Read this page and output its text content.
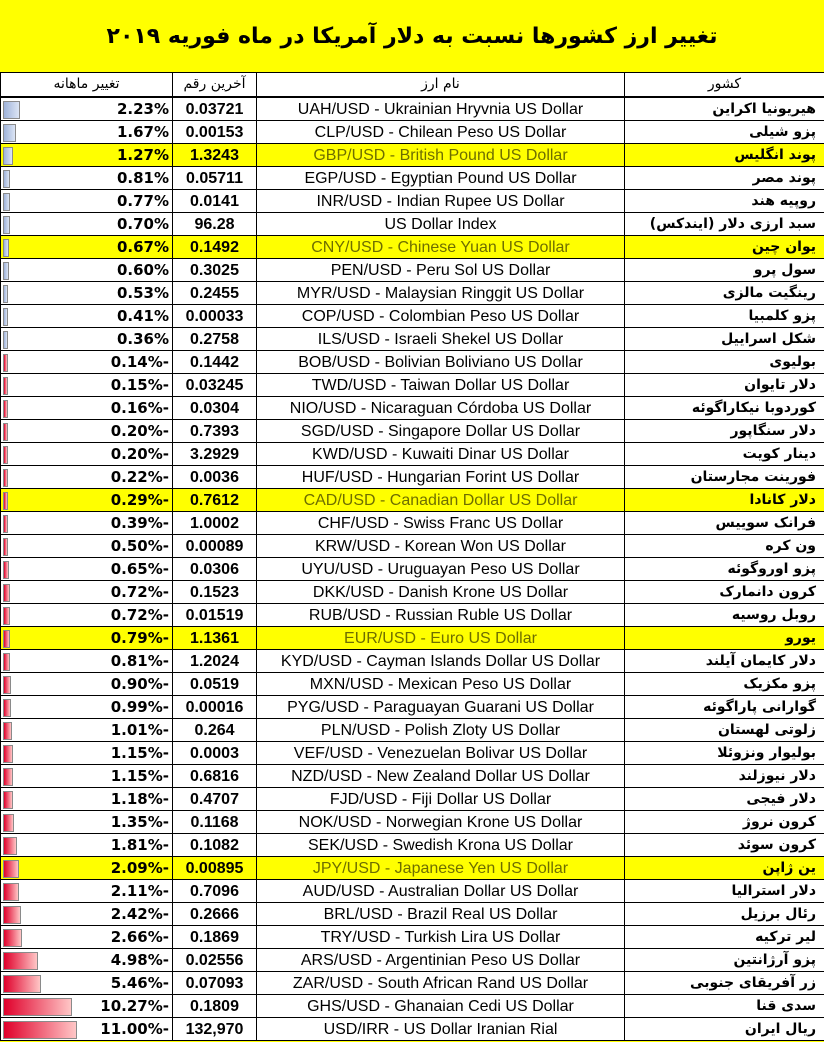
تغییر ارز کشورها نسبت به دلار آمریکا در ماه فوریه ۲۰۱۹
تغییر ماهانه	آخرین رقم	نام ارز	کشور

2.23%	0.03721	UAH/USD - Ukrainian Hryvnia US Dollar	هیریونیا اکراین

1.67%	0.00153	CLP/USD - Chilean Peso US Dollar	پزو شیلی

1.27%	1.3243	GBP/USD - British Pound US Dollar	پوند انگلیس

0.81%	0.05711	EGP/USD - Egyptian Pound US Dollar	پوند مصر

0.77%	0.0141	INR/USD - Indian Rupee US Dollar	روپیه هند

0.70%	96.28	US Dollar Index	سبد ارزی دلار (ایندکس)

0.67%	0.1492	CNY/USD - Chinese Yuan US Dollar	یوان چین

0.60%	0.3025	PEN/USD - Peru Sol US Dollar	سول پرو

0.53%	0.2455	MYR/USD - Malaysian Ringgit US Dollar	رینگیت مالزی

0.41%	0.00033	COP/USD - Colombian Peso US Dollar	پزو کلمبیا

0.36%	0.2758	ILS/USD - Israeli Shekel US Dollar	شکل اسراییل

0.14%-	0.1442	BOB/USD - Bolivian Boliviano US Dollar	بولیوی

0.15%-	0.03245	TWD/USD - Taiwan Dollar US Dollar	دلار تایوان

0.16%-	0.0304	NIO/USD - Nicaraguan Córdoba US Dollar	کوردوبا نیکاراگوئه

0.20%-	0.7393	SGD/USD - Singapore Dollar US Dollar	دلار سنگاپور

0.20%-	3.2929	KWD/USD - Kuwaiti Dinar US Dollar	دینار کویت

0.22%-	0.0036	HUF/USD - Hungarian Forint US Dollar	فورینت مجارستان

0.29%-	0.7612	CAD/USD - Canadian Dollar US Dollar	دلار کانادا

0.39%-	1.0002	CHF/USD - Swiss Franc US Dollar	فرانک سوییس

0.50%-	0.00089	KRW/USD - Korean Won US Dollar	ون کره

0.65%-	0.0306	UYU/USD - Uruguayan Peso US Dollar	پزو اوروگوئه

0.72%-	0.1523	DKK/USD - Danish Krone US Dollar	کرون دانمارک

0.72%-	0.01519	RUB/USD - Russian Ruble US Dollar	روبل روسیه

0.79%-	1.1361	EUR/USD - Euro US Dollar	یورو

0.81%-	1.2024	KYD/USD - Cayman Islands Dollar US Dollar	دلار کایمان آیلند

0.90%-	0.0519	MXN/USD - Mexican Peso US Dollar	پزو مکزیک

0.99%-	0.00016	PYG/USD - Paraguayan Guarani US Dollar	گوارانی پاراگوئه

1.01%-	0.264	PLN/USD - Polish Zloty US Dollar	زلوتی لهستان

1.15%-	0.0003	VEF/USD - Venezuelan Bolivar US Dollar	بولیوار ونزوئلا

1.15%-	0.6816	NZD/USD - New Zealand Dollar US Dollar	دلار نیوزلند

1.18%-	0.4707	FJD/USD - Fiji Dollar US Dollar	دلار فیجی

1.35%-	0.1168	NOK/USD - Norwegian Krone US Dollar	کرون نروژ

1.81%-	0.1082	SEK/USD - Swedish Krona US Dollar	کرون سوئد

2.09%-	0.00895	JPY/USD - Japanese Yen US Dollar	ین ژاپن

2.11%-	0.7096	AUD/USD - Australian Dollar US Dollar	دلار استرالیا

2.42%-	0.2666	BRL/USD - Brazil Real US Dollar	رئال برزیل

2.66%-	0.1869	TRY/USD - Turkish Lira US Dollar	لیر ترکیه

4.98%-	0.02556	ARS/USD - Argentinian Peso US Dollar	پزو آرژانتین

5.46%-	0.07093	ZAR/USD - South African Rand US Dollar	زر آفریقای جنوبی

10.27%-	0.1809	GHS/USD - Ghanaian Cedi US Dollar	سدی قنا

11.00%-	132,970	USD/IRR - US Dollar Iranian Rial	ریال ایران
